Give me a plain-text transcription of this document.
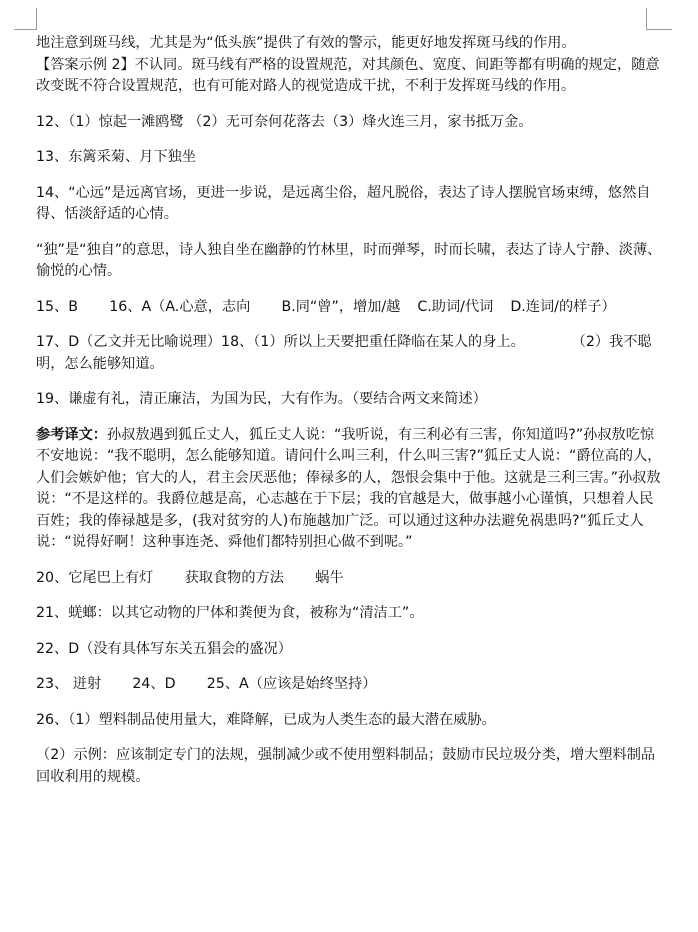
地注意到斑马线，尤其是为“低头族”提供了有效的警示，能更好地发挥斑马线的作用。

【答案示例 2】不认同。斑马线有严格的设置规范，对其颜色、宽度、间距等都有明确的规定，随意改变既不符合设置规范，也有可能对路人的视觉造成干扰，不利于发挥斑马线的作用。

12、（1）惊起一滩鸥鹭 （2）无可奈何花落去（3）烽火连三月，家书抵万金。

13、东篱采菊、月下独坐

14、“心远”是远离官场，更进一步说，是远离尘俗，超凡脱俗，表达了诗人摆脱官场束缚，悠然自得、恬淡舒适的心情。

“独”是“独自”的意思，诗人独自坐在幽静的竹林里，时而弹琴，时而长啸，表达了诗人宁静、淡薄、愉悦的心情。

15、B 16、A（A.心意，志向 B.同“曾”，增加/越 C.助词/代词 D.连词/的样子）

17、D（乙文并无比喻说理）18、（1）所以上天要把重任降临在某人的身上。	（2）我不聪明，怎么能够知道。

19、谦虚有礼，清正廉洁，为国为民，大有作为。（要结合两文来简述）

参考译文：孙叔敖遇到狐丘丈人，狐丘丈人说：“我听说，有三利必有三害，你知道吗?”孙叔敖吃惊不安地说：“我不聪明，怎么能够知道。请问什么叫三利，什么叫三害?”狐丘丈人说：“爵位高的人，人们会嫉妒他；官大的人，君主会厌恶他；俸禄多的人，怨恨会集中于他。这就是三利三害。”孙叔敖说：“不是这样的。我爵位越是高，心志越在于下层；我的官越是大，做事越小心谨慎，只想着人民百姓；我的俸禄越是多，(我对贫穷的人)布施越加广泛。可以通过这种办法避免祸患吗?”狐丘丈人说：“说得好啊！这种事连尧、舜他们都特别担心做不到呢。”

20、它尾巴上有灯 获取食物的方法 蜗牛

21、蜣螂：以其它动物的尸体和粪便为食，被称为“清洁工”。

22、D（没有具体写东关五猖会的盛况）

23、 迸射 24、D 25、A（应该是始终坚持）

26、（1）塑料制品使用量大，难降解，已成为人类生态的最大潜在威胁。

（2）示例：应该制定专门的法规，强制减少或不使用塑料制品；鼓励市民垃圾分类，增大塑料制品回收利用的规模。
